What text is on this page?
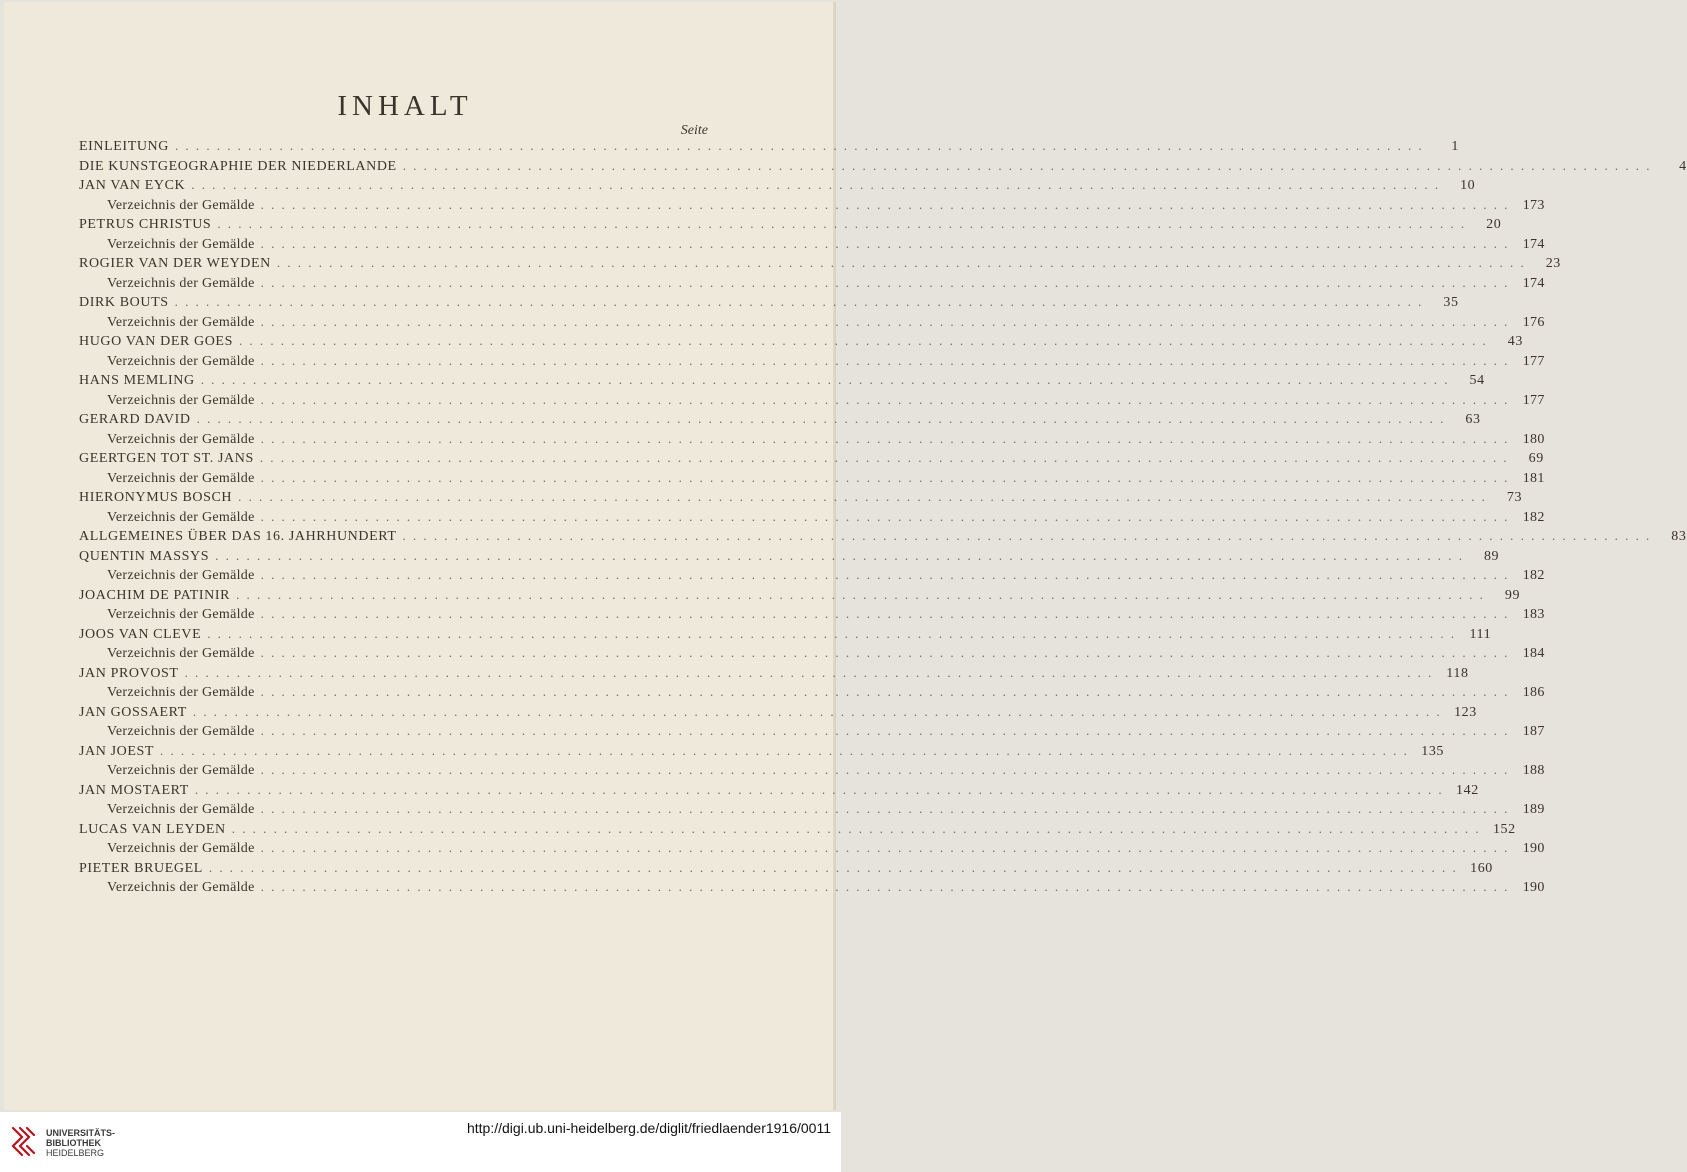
INHALT
Seite
EINLEITUNG ........................................................................................................................	1
DIE KUNSTGEOGRAPHIE DER NIEDERLANDE ........................................................................................................................	4
JAN VAN EYCK ........................................................................................................................	10
Verzeichnis der Gemälde ........................................................................................................................ 173
PETRUS CHRISTUS ........................................................................................................................	20
Verzeichnis der Gemälde ........................................................................................................................ 174
ROGIER VAN DER WEYDEN ........................................................................................................................	23
Verzeichnis der Gemälde ........................................................................................................................ 174
DIRK BOUTS ........................................................................................................................	35
Verzeichnis der Gemälde ........................................................................................................................ 176
HUGO VAN DER GOES ........................................................................................................................	43
Verzeichnis der Gemälde ........................................................................................................................ 177
HANS MEMLING ........................................................................................................................	54
Verzeichnis der Gemälde ........................................................................................................................ 177
GERARD DAVID ........................................................................................................................	63
Verzeichnis der Gemälde ........................................................................................................................ 180
GEERTGEN TOT ST. JANS ........................................................................................................................	69
Verzeichnis der Gemälde ........................................................................................................................ 181
HIERONYMUS BOSCH ........................................................................................................................	73
Verzeichnis der Gemälde ........................................................................................................................ 182
ALLGEMEINES ÜBER DAS 16. JAHRHUNDERT ........................................................................................................................	83
QUENTIN MASSYS ........................................................................................................................	89
Verzeichnis der Gemälde ........................................................................................................................ 182
JOACHIM DE PATINIR ........................................................................................................................	99
Verzeichnis der Gemälde ........................................................................................................................ 183
JOOS VAN CLEVE ........................................................................................................................ 111
Verzeichnis der Gemälde ........................................................................................................................ 184
JAN PROVOST ........................................................................................................................ 118
Verzeichnis der Gemälde ........................................................................................................................ 186
JAN GOSSAERT ........................................................................................................................ 123
Verzeichnis der Gemälde ........................................................................................................................ 187
JAN JOEST ........................................................................................................................ 135
Verzeichnis der Gemälde ........................................................................................................................ 188
JAN MOSTAERT ........................................................................................................................ 142
Verzeichnis der Gemälde ........................................................................................................................ 189
LUCAS VAN LEYDEN ........................................................................................................................ 152
Verzeichnis der Gemälde ........................................................................................................................ 190
PIETER BRUEGEL ........................................................................................................................ 160
Verzeichnis der Gemälde ........................................................................................................................ 190
UNIVERSITÄTS-
BIBLIOTHEK
HEIDELBERG
http://digi.ub.uni-heidelberg.de/diglit/friedlaender1916/0011
